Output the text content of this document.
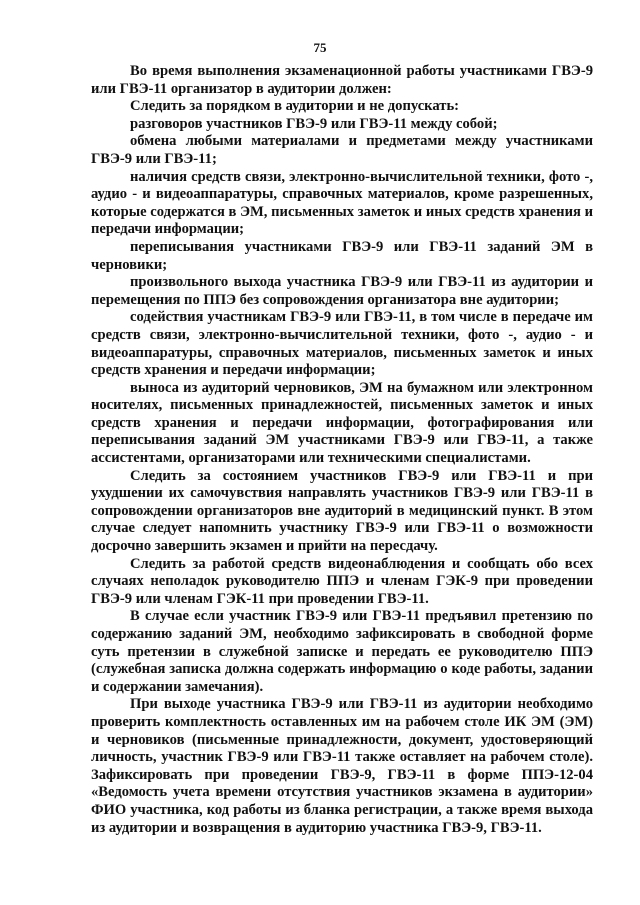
75

Во время выполнения экзаменационной работы участниками ГВЭ-9 или ГВЭ-11 организатор в аудитории должен:

Следить за порядком в аудитории и не допускать:

разговоров участников ГВЭ-9 или ГВЭ-11 между собой;

обмена любыми материалами и предметами между участниками ГВЭ-9 или ГВЭ-11;

наличия средств связи, электронно-вычислительной техники, фото -, аудио - и видеоаппаратуры, справочных материалов, кроме разрешенных, которые содержатся в ЭМ, письменных заметок и иных средств хранения и передачи информации;

переписывания участниками ГВЭ-9 или ГВЭ-11 заданий ЭМ в черновики;

произвольного выхода участника ГВЭ-9 или ГВЭ-11 из аудитории и перемещения по ППЭ без сопровождения организатора вне аудитории;

содействия участникам ГВЭ-9 или ГВЭ-11, в том числе в передаче им средств связи, электронно-вычислительной техники, фото -, аудио - и видеоаппаратуры, справочных материалов, письменных заметок и иных средств хранения и передачи информации;

выноса из аудиторий черновиков, ЭМ на бумажном или электронном носителях, письменных принадлежностей, письменных заметок и иных средств хранения и передачи информации, фотографирования или переписывания заданий ЭМ участниками ГВЭ-9 или ГВЭ-11, а также ассистентами, организаторами или техническими специалистами.

Следить за состоянием участников ГВЭ-9 или ГВЭ-11 и при ухудшении их самочувствия направлять участников ГВЭ-9 или ГВЭ-11 в сопровождении организаторов вне аудиторий в медицинский пункт. В этом случае следует напомнить участнику ГВЭ-9 или ГВЭ-11 о возможности досрочно завершить экзамен и прийти на пересдачу.

Следить за работой средств видеонаблюдения и сообщать обо всех случаях неполадок руководителю ППЭ и членам ГЭК-9 при проведении ГВЭ-9 или членам ГЭК-11 при проведении ГВЭ-11.

В случае если участник ГВЭ-9 или ГВЭ-11 предъявил претензию по содержанию заданий ЭМ, необходимо зафиксировать в свободной форме суть претензии в служебной записке и передать ее руководителю ППЭ (служебная записка должна содержать информацию о коде работы, задании и содержании замечания).

При выходе участника ГВЭ-9 или ГВЭ-11 из аудитории необходимо проверить комплектность оставленных им на рабочем столе ИК ЭМ (ЭМ) и черновиков (письменные принадлежности, документ, удостоверяющий личность, участник ГВЭ-9 или ГВЭ-11 также оставляет на рабочем столе). Зафиксировать при проведении ГВЭ-9, ГВЭ-11 в форме ППЭ-12-04 «Ведомость учета времени отсутствия участников экзамена в аудитории» ФИО участника, код работы из бланка регистрации, а также время выхода из аудитории и возвращения в аудиторию участника ГВЭ-9, ГВЭ-11.
